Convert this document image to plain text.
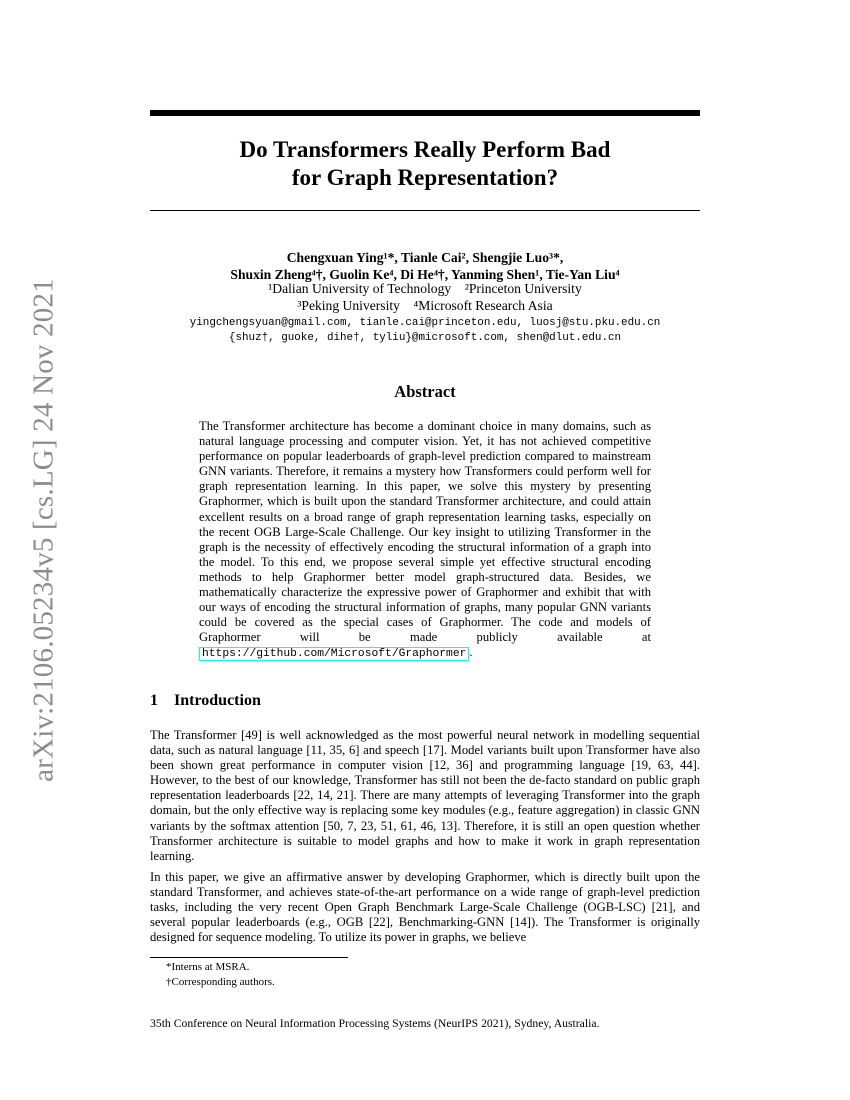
arXiv:2106.05234v5 [cs.LG] 24 Nov 2021
Do Transformers Really Perform Bad
for Graph Representation?
Chengxuan Ying¹*, Tianle Cai², Shengjie Luo³*,
Shuxin Zheng⁴†, Guolin Ke⁴, Di He⁴†, Yanming Shen¹, Tie-Yan Liu⁴
¹Dalian University of Technology    ²Princeton University
³Peking University    ⁴Microsoft Research Asia
yingchengsyuan@gmail.com, tianle.cai@princeton.edu, luosj@stu.pku.edu.cn
{shuz†, guoke, dihe†, tyliu}@microsoft.com, shen@dlut.edu.cn
Abstract
The Transformer architecture has become a dominant choice in many domains, such as natural language processing and computer vision. Yet, it has not achieved competitive performance on popular leaderboards of graph-level prediction compared to mainstream GNN variants. Therefore, it remains a mystery how Transformers could perform well for graph representation learning. In this paper, we solve this mystery by presenting Graphormer, which is built upon the standard Transformer architecture, and could attain excellent results on a broad range of graph representation learning tasks, especially on the recent OGB Large-Scale Challenge. Our key insight to utilizing Transformer in the graph is the necessity of effectively encoding the structural information of a graph into the model. To this end, we propose several simple yet effective structural encoding methods to help Graphormer better model graph-structured data. Besides, we mathematically characterize the expressive power of Graphormer and exhibit that with our ways of encoding the structural information of graphs, many popular GNN variants could be covered as the special cases of Graphormer. The code and models of Graphormer will be made publicly available at https://github.com/Microsoft/Graphormer .
1 Introduction
The Transformer [49] is well acknowledged as the most powerful neural network in modelling sequential data, such as natural language [11, 35, 6] and speech [17]. Model variants built upon Transformer have also been shown great performance in computer vision [12, 36] and programming language [19, 63, 44]. However, to the best of our knowledge, Transformer has still not been the de-facto standard on public graph representation leaderboards [22, 14, 21]. There are many attempts of leveraging Transformer into the graph domain, but the only effective way is replacing some key modules (e.g., feature aggregation) in classic GNN variants by the softmax attention [50, 7, 23, 51, 61, 46, 13]. Therefore, it is still an open question whether Transformer architecture is suitable to model graphs and how to make it work in graph representation learning.
In this paper, we give an affirmative answer by developing Graphormer, which is directly built upon the standard Transformer, and achieves state-of-the-art performance on a wide range of graph-level prediction tasks, including the very recent Open Graph Benchmark Large-Scale Challenge (OGB-LSC) [21], and several popular leaderboards (e.g., OGB [22], Benchmarking-GNN [14]). The Transformer is originally designed for sequence modeling. To utilize its power in graphs, we believe
*Interns at MSRA.
†Corresponding authors.
35th Conference on Neural Information Processing Systems (NeurIPS 2021), Sydney, Australia.
